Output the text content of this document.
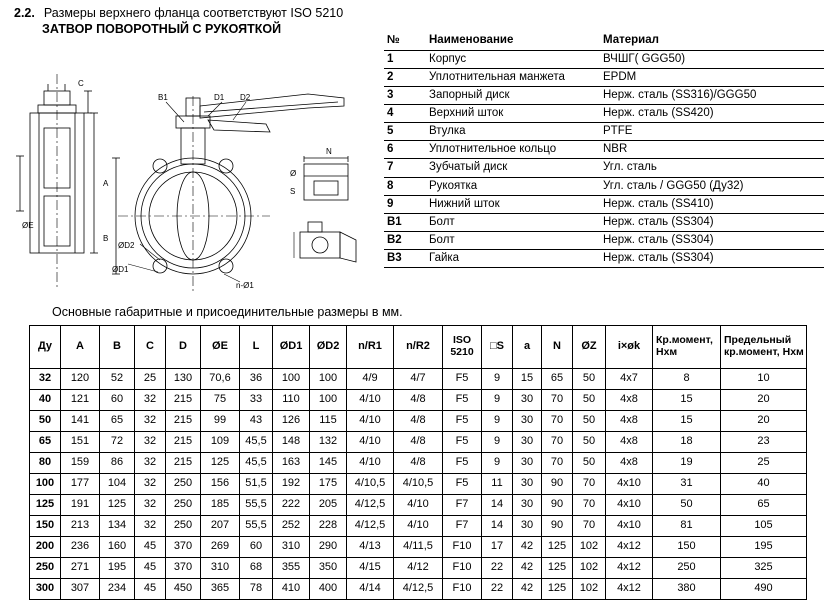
2.2. Размеры верхнего фланца соответствуют ISO 5210
ЗАТВОР ПОВОРОТНЫЙ С РУКОЯТКОЙ
C
B1	D1 D2
A
ØE
B
ØD2
ØD1
n-Ø1
N
Ø
S
№	Наименование	Материал
1	Корпус	ВЧШГ( GGG50)
2	Уплотнительная манжета	EPDM
3	Запорный диск	Нерж. сталь (SS316)/GGG50
4	Верхний шток	Нерж. сталь (SS420)
5	Втулка	PTFE
6	Уплотнительное кольцо	NBR
7	Зубчатый диск	Угл. сталь
8	Рукоятка	Угл. сталь / GGG50 (Ду32)
9	Нижний шток	Нерж. сталь (SS410)
B1	Болт	Нерж. сталь (SS304)
B2	Болт	Нерж. сталь (SS304)
B3	Гайка	Нерж. сталь (SS304)
Основные габаритные и присоединительные размеры в мм.
Ду	A	B	C	D	ØE	L	ØD1	ØD2	n/R1	n/R2	ISO 5210	□S	a	N	ØZ	i×øk	Кр.момент, Нхм	Предельный кр.момент, Нхм
32	120	52	25	130	70,6	36	100	100	4/9	4/7	F5	9	15	65	50	4x7	8	10
40	121	60	32	215	75	33	110	100	4/10	4/8	F5	9	30	70	50	4x8	15	20
50	141	65	32	215	99	43	126	115	4/10	4/8	F5	9	30	70	50	4x8	15	20
65	151	72	32	215	109	45,5	148	132	4/10	4/8	F5	9	30	70	50	4x8	18	23
80	159	86	32	215	125	45,5	163	145	4/10	4/8	F5	9	30	70	50	4x8	19	25
100	177	104	32	250	156	51,5	192	175	4/10,5	4/10,5	F5	11	30	90	70	4x10	31	40
125	191	125	32	250	185	55,5	222	205	4/12,5	4/10	F7	14	30	90	70	4x10	50	65
150	213	134	32	250	207	55,5	252	228	4/12,5	4/10	F7	14	30	90	70	4x10	81	105
200	236	160	45	370	269	60	310	290	4/13	4/11,5	F10	17	42	125	102	4x12	150	195
250	271	195	45	370	310	68	355	350	4/15	4/12	F10	22	42	125	102	4x12	250	325
300	307	234	45	450	365	78	410	400	4/14	4/12,5	F10	22	42	125	102	4x12	380	490
